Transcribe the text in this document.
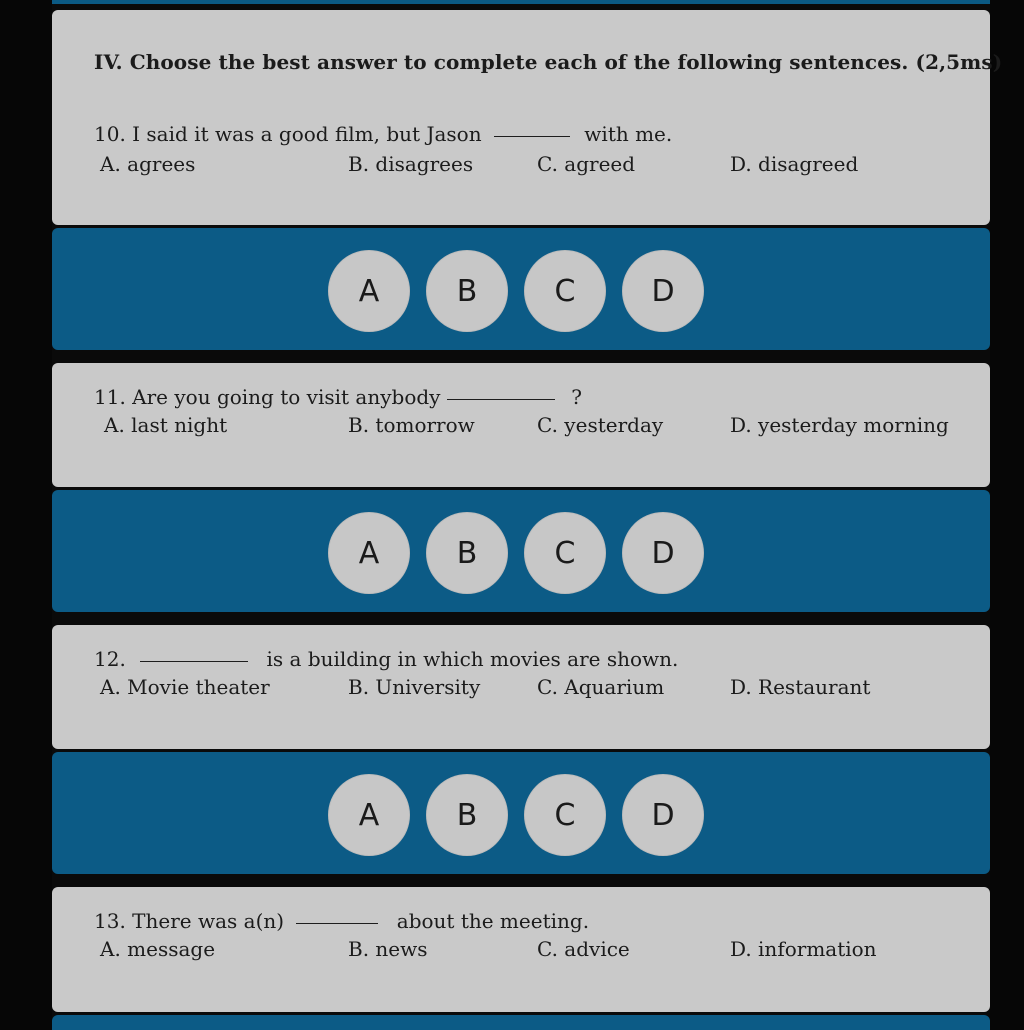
IV. Choose the best answer to complete each of the following sentences. (2,5ms)
10. I said it was a good film, but Jason	with me.
A. agrees	B. disagrees	C. agreed	D. disagreed
A	B	C	D
11. Are you going to visit anybody	?
A. last night	B. tomorrow	C. yesterday	D. yesterday morning
A	B	C	D
12.	is a building in which movies are shown.
A. Movie theater	B. University	C. Aquarium	D. Restaurant
A	B	C	D
13. There was a(n)	about the meeting.
A. message	B. news	C. advice	D. information
